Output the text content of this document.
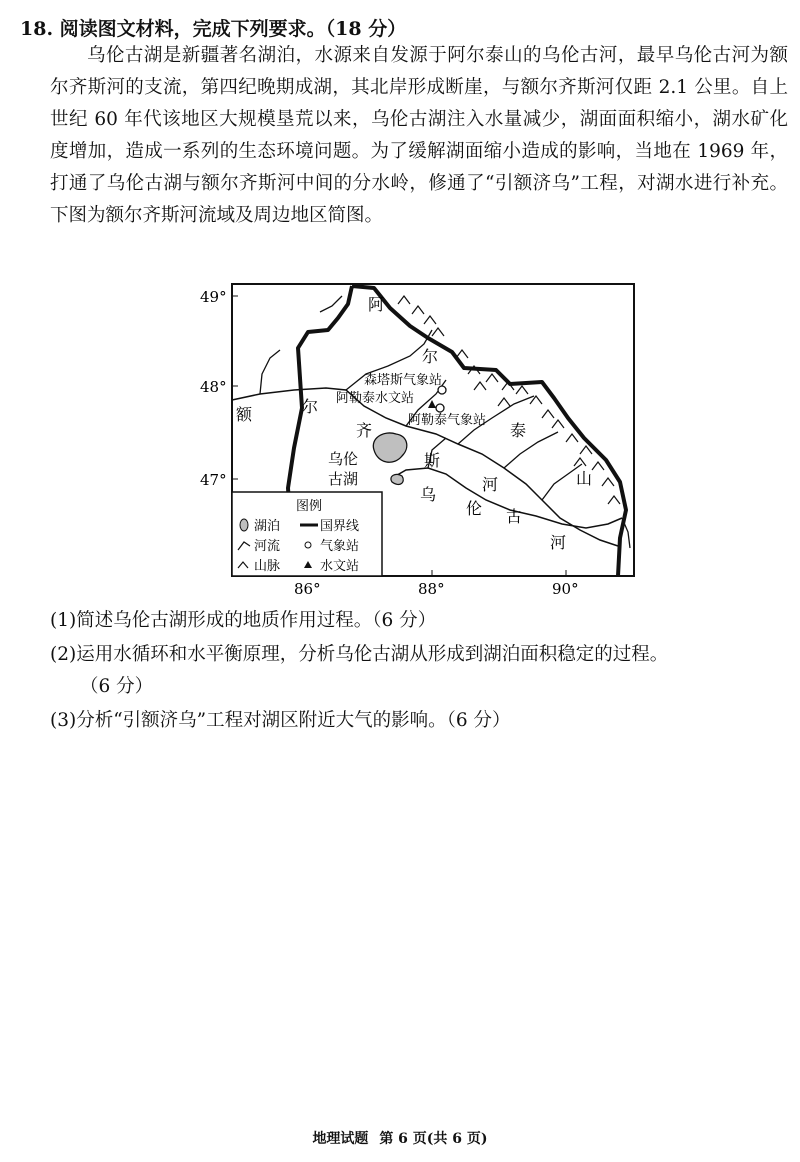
18. 阅读图文材料，完成下列要求。（18 分）

乌伦古湖是新疆著名湖泊，水源来自发源于阿尔泰山的乌伦古河，最早乌伦古河为额尔齐斯河的支流，第四纪晚期成湖，其北岸形成断崖，与额尔齐斯河仅距 2.1 公里。自上世纪 60 年代该地区大规模垦荒以来，乌伦古湖注入水量减少，湖面面积缩小，湖水矿化度增加，造成一系列的生态环境问题。为了缓解湖面缩小造成的影响，当地在 1969 年，打通了乌伦古湖与额尔齐斯河中间的分水岭，修通了“引额济乌”工程，对湖水进行补充。下图为额尔齐斯河流域及周边地区简图。

49°
48°
47°
86°	88°	90°
阿
尔
泰
山
额	尔
齐
斯
河
乌
伦 古
河
乌伦
古湖
森塔斯气象站
阿勒泰水文站
阿勒泰气象站
图例
湖泊	国界线
河流	气象站
山脉	水文站
(1)简述乌伦古湖形成的地质作用过程。（6 分）
(2)运用水循环和水平衡原理，分析乌伦古湖从形成到湖泊面积稳定的过程。
（6 分）
(3)分析“引额济乌”工程对湖区附近大气的影响。（6 分）
地理试题 第 6 页(共 6 页)
